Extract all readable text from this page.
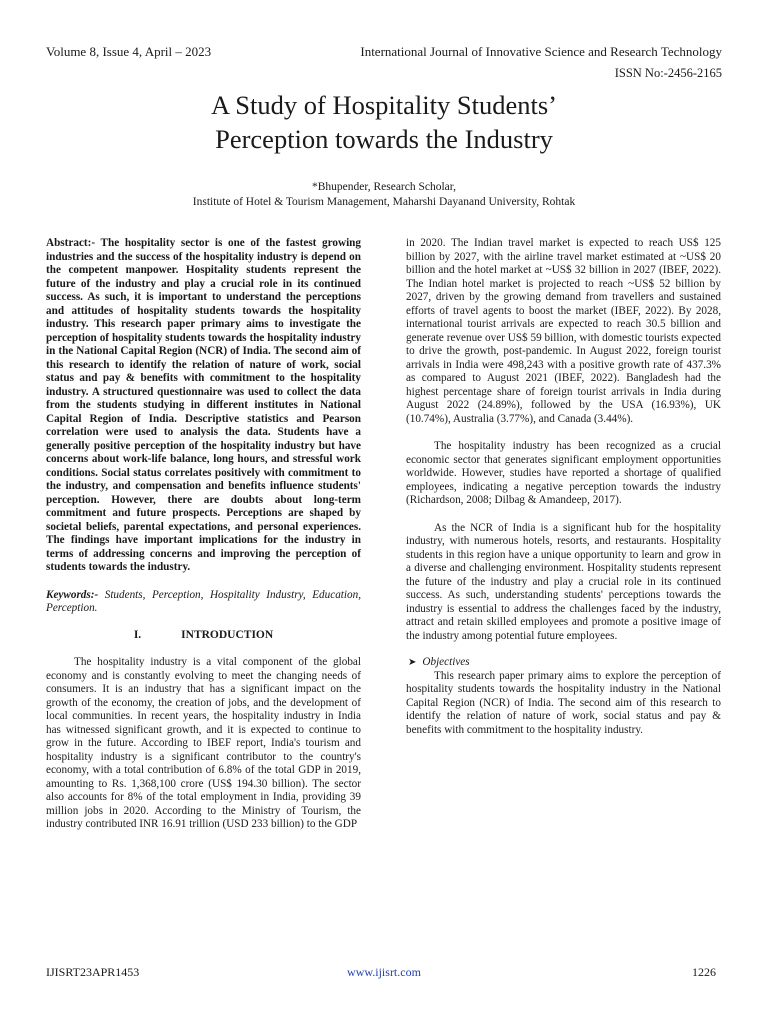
Volume 8, Issue 4, April – 2023	International Journal of Innovative Science and Research Technology
ISSN No:-2456-2165
A Study of Hospitality Students’
Perception towards the Industry
*Bhupender, Research Scholar,
Institute of Hotel & Tourism Management, Maharshi Dayanand University, Rohtak

Abstract:- The hospitality sector is one of the fastest growing industries and the success of the hospitality industry is depend on the competent manpower. Hospitality students represent the future of the industry and play a crucial role in its continued success. As such, it is important to understand the perceptions and attitudes of hospitality students towards the hospitality industry. This research paper primary aims to investigate the perception of hospitality students towards the hospitality industry in the National Capital Region (NCR) of India. The second aim of this research to identify the relation of nature of work, social status and pay & benefits with commitment to the hospitality industry. A structured questionnaire was used to collect the data from the students studying in different institutes in National Capital Region of India. Descriptive statistics and Pearson correlation were used to analysis the data. Students have a generally positive perception of the hospitality industry but have concerns about work-life balance, long hours, and stressful work conditions. Social status correlates positively with commitment to the industry, and compensation and benefits influence students' perception. However, there are doubts about long-term commitment and future prospects. Perceptions are shaped by societal beliefs, parental expectations, and personal experiences. The findings have important implications for the industry in terms of addressing concerns and improving the perception of students towards the industry.

Keywords:- Students, Perception, Hospitality Industry, Education, Perception.

I.	INTRODUCTION

The hospitality industry is a vital component of the global economy and is constantly evolving to meet the changing needs of consumers. It is an industry that has a significant impact on the growth of the economy, the creation of jobs, and the development of local communities. In recent years, the hospitality industry in India has witnessed significant growth, and it is expected to continue to grow in the future. According to IBEF report, India's tourism and hospitality industry is a significant contributor to the country's economy, with a total contribution of 6.8% of the total GDP in 2019, amounting to Rs. 1,368,100 crore (US$ 194.30 billion). The sector also accounts for 8% of the total employment in India, providing 39 million jobs in 2020. According to the Ministry of Tourism, the industry contributed INR 16.91 trillion (USD 233 billion) to the GDP

in 2020. The Indian travel market is expected to reach US$ 125 billion by 2027, with the airline travel market estimated at ~US$ 20 billion and the hotel market at ~US$ 32 billion in 2027 (IBEF, 2022). The Indian hotel market is projected to reach ~US$ 52 billion by 2027, driven by the growing demand from travellers and sustained efforts of travel agents to boost the market (IBEF, 2022). By 2028, international tourist arrivals are expected to reach 30.5 billion and generate revenue over US$ 59 billion, with domestic tourists expected to drive the growth, post-pandemic. In August 2022, foreign tourist arrivals in India were 498,243 with a positive growth rate of 437.3% as compared to August 2021 (IBEF, 2022). Bangladesh had the highest percentage share of foreign tourist arrivals in India during August 2022 (24.89%), followed by the USA (16.93%), UK (10.74%), Australia (3.77%), and Canada (3.44%).

The hospitality industry has been recognized as a crucial economic sector that generates significant employment opportunities worldwide. However, studies have reported a shortage of qualified employees, indicating a negative perception towards the industry (Richardson, 2008; Dilbag & Amandeep, 2017).

As the NCR of India is a significant hub for the hospitality industry, with numerous hotels, resorts, and restaurants. Hospitality students in this region have a unique opportunity to learn and grow in a diverse and challenging environment. Hospitality students represent the future of the industry and play a crucial role in its continued success. As such, understanding students' perceptions towards the industry is essential to address the challenges faced by the industry, attract and retain skilled employees and promote a positive image of the industry among potential future employees.

➤ Objectives

This research paper primary aims to explore the perception of hospitality students towards the hospitality industry in the National Capital Region (NCR) of India. The second aim of this research to identify the relation of nature of work, social status and pay & benefits with commitment to the hospitality industry.

IJISRT23APR1453	www.ijisrt.com	1226
